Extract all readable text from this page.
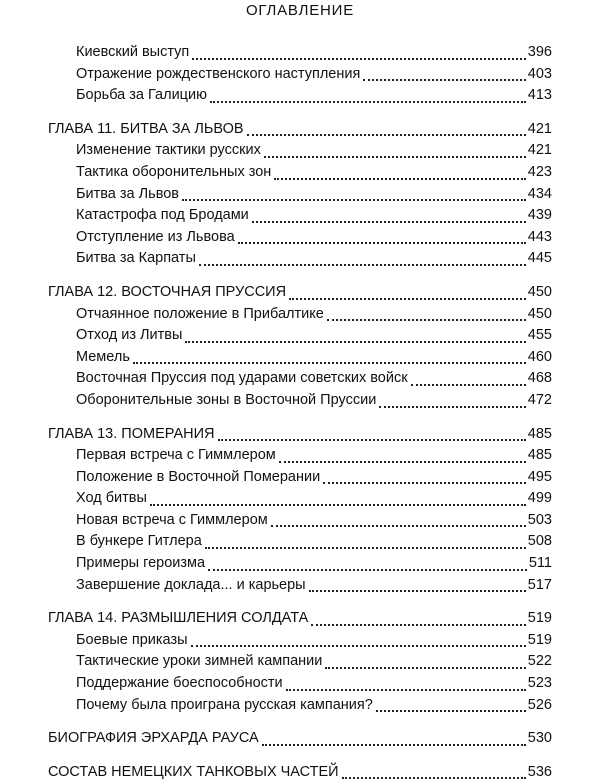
ОГЛАВЛЕНИЕ
Киевский выступ	396
Отражение рождественского наступления	403
Борьба за Галицию	413
ГЛАВА 11. БИТВА ЗА ЛЬВОВ	421
Изменение тактики русских	421
Тактика оборонительных зон	423
Битва за Львов	434
Катастрофа под Бродами	439
Отступление из Львова	443
Битва за Карпаты	445
ГЛАВА 12. ВОСТОЧНАЯ ПРУССИЯ	450
Отчаянное положение в Прибалтике	450
Отход из Литвы	455
Мемель	460
Восточная Пруссия под ударами советских войск	468
Оборонительные зоны в Восточной Пруссии	472
ГЛАВА 13. ПОМЕРАНИЯ	485
Первая встреча с Гиммлером	485
Положение в Восточной Померании	495
Ход битвы	499
Новая встреча с Гиммлером	503
В бункере Гитлера	508
Примеры героизма	511
Завершение доклада... и карьеры	517
ГЛАВА 14. РАЗМЫШЛЕНИЯ СОЛДАТА	519
Боевые приказы	519
Тактические уроки зимней кампании	522
Поддержание боеспособности	523
Почему была проиграна русская кампания?	526
БИОГРАФИЯ ЭРХАРДА РАУСА	530
СОСТАВ НЕМЕЦКИХ ТАНКОВЫХ ЧАСТЕЙ	536
